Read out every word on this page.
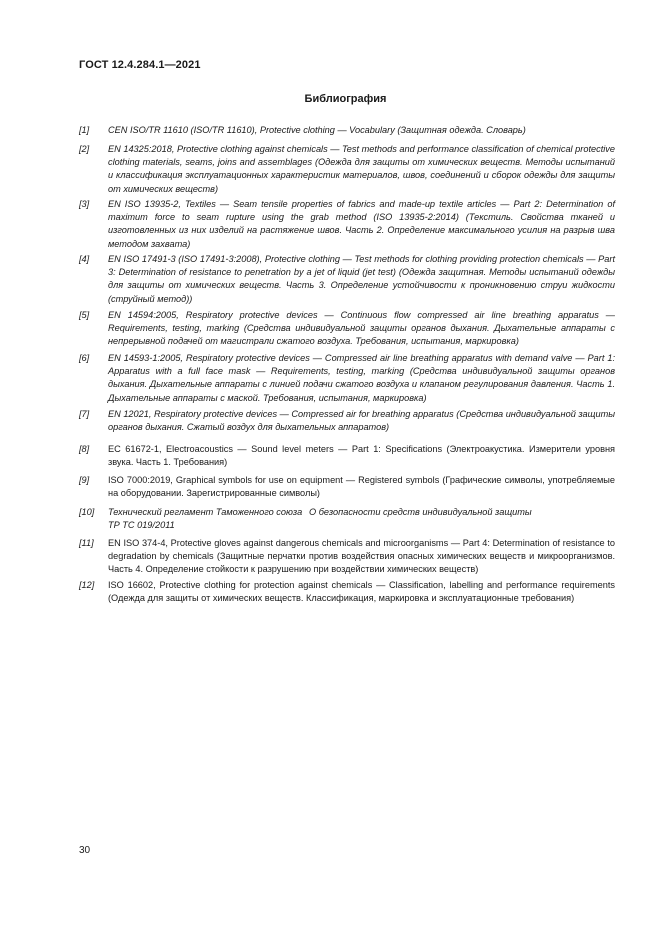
ГОСТ 12.4.284.1—2021
Библиография
[1]	CEN ISO/TR 11610 (ISO/TR 11610), Protective clothing — Vocabulary (Защитная одежда. Словарь)
[2]	EN 14325:2018, Protective clothing against chemicals — Test methods and performance classification of chemical protective clothing materials, seams, joins and assemblages (Одежда для защиты от химических веществ. Методы испытаний и классификация эксплуатационных характеристик материалов, швов, соединений и сборок одежды для защиты от химических веществ)
[3]	EN ISO 13935-2, Textiles — Seam tensile properties of fabrics and made-up textile articles — Part 2: Determination of maximum force to seam rupture using the grab method (ISO 13935-2:2014) (Текстиль. Свойства тканей и изготовленных из них изделий на растяжение швов. Часть 2. Определение максимального усилия на разрыв шва методом захвата)
[4]	EN ISO 17491-3 (ISO 17491-3:2008), Protective clothing — Test methods for clothing providing protection chemicals — Part 3: Determination of resistance to penetration by a jet of liquid (jet test) (Одежда защитная. Методы испытаний одежды для защиты от химических веществ. Часть 3. Определение устойчивости к проникновению струи жидкости (струйный метод))
[5]	EN 14594:2005, Respiratory protective devices — Continuous flow compressed air line breathing apparatus — Requirements, testing, marking (Средства индивидуальной защиты органов дыхания. Дыхательные аппараты с непрерывной подачей от магистрали сжатого воздуха. Требования, испытания, маркировка)
[6]	EN 14593-1:2005, Respiratory protective devices — Compressed air line breathing apparatus with demand valve — Part 1: Apparatus with a full face mask — Requirements, testing, marking (Средства индивидуальной защиты органов дыхания. Дыхательные аппараты с линией подачи сжатого воздуха и клапаном регулирования давления. Часть 1. Дыхательные аппараты с маской. Требования, испытания, маркировка)
[7]	EN 12021, Respiratory protective devices — Compressed air for breathing apparatus (Средства индивидуальной защиты органов дыхания. Сжатый воздух для дыхательных аппаратов)
[8]	EC 61672-1, Electroacoustics — Sound level meters — Part 1: Specifications (Электроакустика. Измерители уровня звука. Часть 1. Требования)
[9]	ISO 7000:2019, Graphical symbols for use on equipment — Registered symbols (Графические символы, употребляемые на оборудовании. Зарегистрированные символы)
[10]	Технический регламент Таможенного союза ТР ТС 019/2011
О безопасности средств индивидуальной защиты
[11]	EN ISO 374-4, Protective gloves against dangerous chemicals and microorganisms — Part 4: Determination of resistance to degradation by chemicals (Защитные перчатки против воздействия опасных химических веществ и микроорганизмов. Часть 4. Определение стойкости к разрушению при воздействии химических веществ)
[12]	ISO 16602, Protective clothing for protection against chemicals — Classification, labelling and performance requirements (Одежда для защиты от химических веществ. Классификация, маркировка и эксплуатационные требования)
30
